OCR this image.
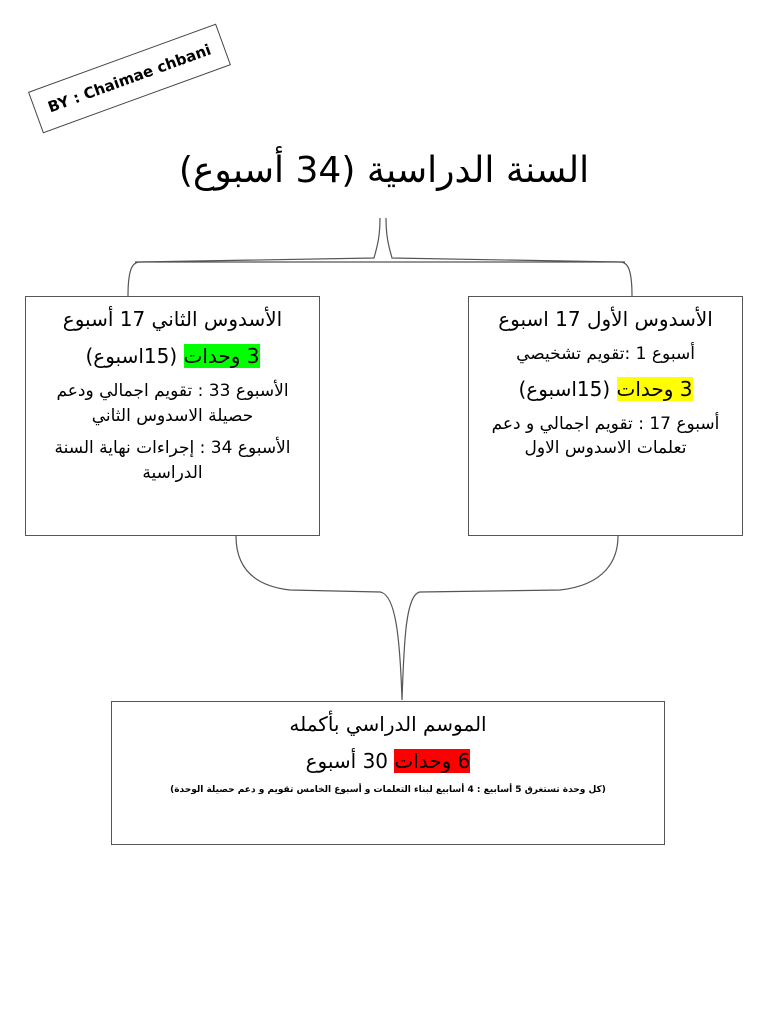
BY : Chaimae chbani
السنة الدراسية (34 أسبوع)

الأسدوس الأول 17 اسبوع

أسبوع 1 :تقويم تشخيصي

3 وحدات (15اسبوع)

أسبوع 17 : تقويم اجمالي و دعم تعلمات الاسدوس الاول

الأسدوس الثاني 17 أسبوع

3 وحدات (15اسبوع)

الأسبوع 33 : تقويم اجمالي ودعم حصيلة الاسدوس الثاني

الأسبوع 34 : إجراءات نهاية السنة الدراسية

الموسم الدراسي بأكمله

6 وحدات 30 أسبوع

(كل وحدة تستغرق 5 أسابيع : 4 أسابيع لبناء التعلمات و أسبوع الخامس تقويم و دعم حصيلة الوحدة)
